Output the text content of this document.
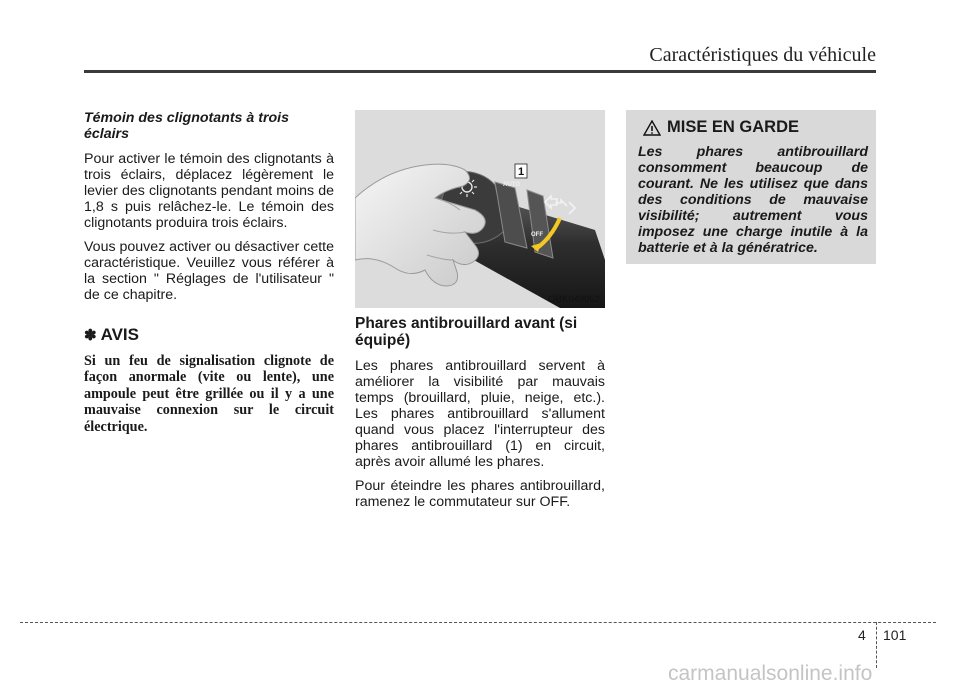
Caractéristiques du véhicule
Témoin des clignotants à trois éclairs

Pour activer le témoin des clignotants à trois éclairs, déplacez légèrement le levier des clignotants pendant moins de 1,8 s puis relâchez-le. Le témoin des clignotants produira trois éclairs.

Vous pouvez activer ou désactiver cette caractéristique. Veuillez vous référer à la section " Réglages de l'utilisateur " de ce chapitre.

✽ AVIS

Si un feu de signalisation clignote de façon anormale (vite ou lente), une ampoule peut être grillée ou il y a une mauvaise connexion sur le circuit électrique.

AUTO
OFF
1
OBK049052
Phares antibrouillard avant (si équipé)

Les phares antibrouillard servent à améliorer la visibilité par mauvais temps (brouillard, pluie, neige, etc.). Les phares antibrouillard s'allument quand vous placez l'interrupteur des phares antibrouillard (1) en circuit, après avoir allumé les phares.

Pour éteindre les phares antibrouillard, ramenez le commutateur sur OFF.

MISE EN GARDE

Les phares antibrouillard consomment beaucoup de courant. Ne les utilisez que dans des conditions de mauvaise visibilité; autrement vous imposez une charge inutile à la batterie et à la génératrice.

4 101
carmanualsonline.info
